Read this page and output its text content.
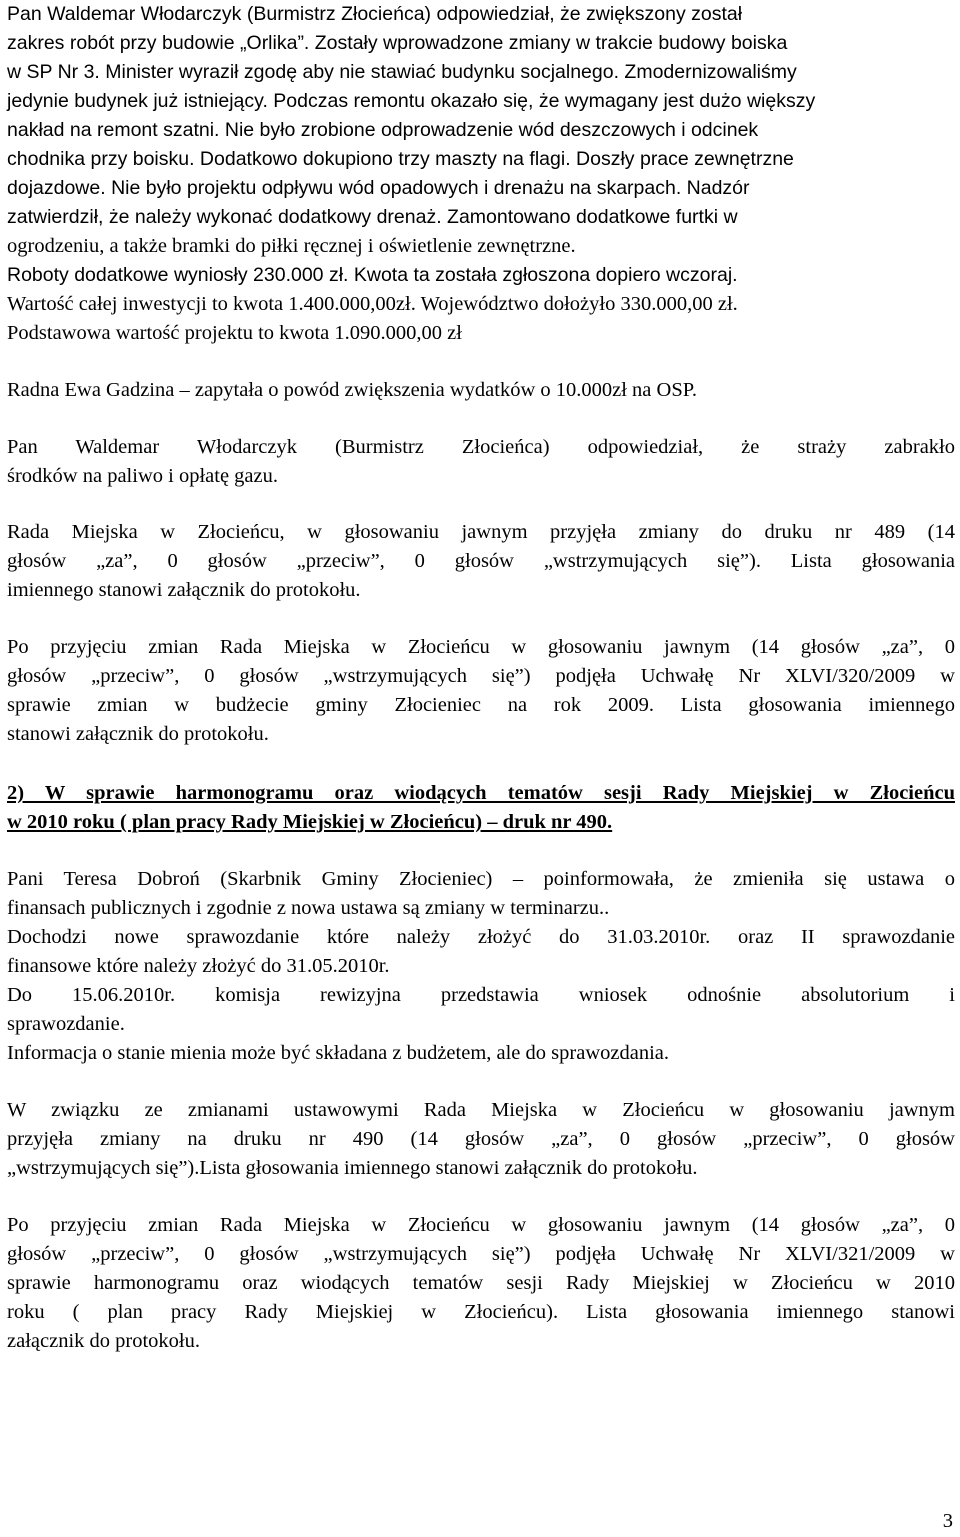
Pan Waldemar Włodarczyk (Burmistrz Złocieńca) odpowiedział, że zwiększony został

zakres robót przy budowie „Orlika”. Zostały wprowadzone zmiany w trakcie budowy boiska

w SP Nr 3. Minister wyraził zgodę aby nie stawiać budynku socjalnego. Zmodernizowaliśmy

jedynie budynek już istniejący. Podczas remontu okazało się, że wymagany jest dużo większy

nakład na remont szatni. Nie było zrobione odprowadzenie wód deszczowych i odcinek

chodnika przy boisku. Dodatkowo dokupiono trzy maszty na flagi. Doszły prace zewnętrzne

dojazdowe. Nie było projektu odpływu wód opadowych i drenażu na skarpach. Nadzór

zatwierdził, że należy wykonać dodatkowy drenaż. Zamontowano dodatkowe furtki w

ogrodzeniu, a także bramki do piłki ręcznej i oświetlenie zewnętrzne.

Roboty dodatkowe wyniosły 230.000 zł. Kwota ta została zgłoszona dopiero wczoraj.

Wartość całej inwestycji to kwota 1.400.000,00zł. Województwo dołożyło 330.000,00 zł.

Podstawowa wartość projektu to kwota 1.090.000,00 zł

Radna Ewa Gadzina – zapytała o powód zwiększenia wydatków o 10.000zł na OSP.

Pan Waldemar Włodarczyk (Burmistrz Złocieńca) odpowiedział, że straży zabrakło

środków na paliwo i opłatę gazu.

Rada Miejska w Złocieńcu, w głosowaniu jawnym przyjęła zmiany do druku nr 489 (14

głosów „za”, 0 głosów „przeciw”, 0 głosów „wstrzymujących się”). Lista głosowania

imiennego stanowi załącznik do protokołu.

Po przyjęciu zmian Rada Miejska w Złocieńcu w głosowaniu jawnym (14 głosów „za”, 0

głosów „przeciw”, 0 głosów „wstrzymujących się”) podjęła Uchwałę Nr XLVI/320/2009 w

sprawie zmian w budżecie gminy Złocieniec na rok 2009. Lista głosowania imiennego

stanowi załącznik do protokołu.

2) W sprawie harmonogramu oraz wiodących tematów sesji Rady Miejskiej w Złocieńcu

w 2010 roku ( plan pracy Rady Miejskiej w Złocieńcu) – druk nr 490.

Pani Teresa Dobroń (Skarbnik Gminy Złocieniec) – poinformowała, że zmieniła się ustawa o

finansach publicznych i zgodnie z nowa ustawa są zmiany w terminarzu..

Dochodzi nowe sprawozdanie które należy złożyć do 31.03.2010r. oraz II sprawozdanie

finansowe które należy złożyć do 31.05.2010r.

Do 15.06.2010r. komisja rewizyjna przedstawia wniosek odnośnie absolutorium i

sprawozdanie.

Informacja o stanie mienia może być składana z budżetem, ale do sprawozdania.

W związku ze zmianami ustawowymi Rada Miejska w Złocieńcu w głosowaniu jawnym

przyjęła zmiany na druku nr 490 (14 głosów „za”, 0 głosów „przeciw”, 0 głosów

„wstrzymujących się”).Lista głosowania imiennego stanowi załącznik do protokołu.

Po przyjęciu zmian Rada Miejska w Złocieńcu w głosowaniu jawnym (14 głosów „za”, 0

głosów „przeciw”, 0 głosów „wstrzymujących się”) podjęła Uchwałę Nr XLVI/321/2009 w

sprawie harmonogramu oraz wiodących tematów sesji Rady Miejskiej w Złocieńcu w 2010

roku ( plan pracy Rady Miejskiej w Złocieńcu). Lista głosowania imiennego stanowi

załącznik do protokołu.

3
